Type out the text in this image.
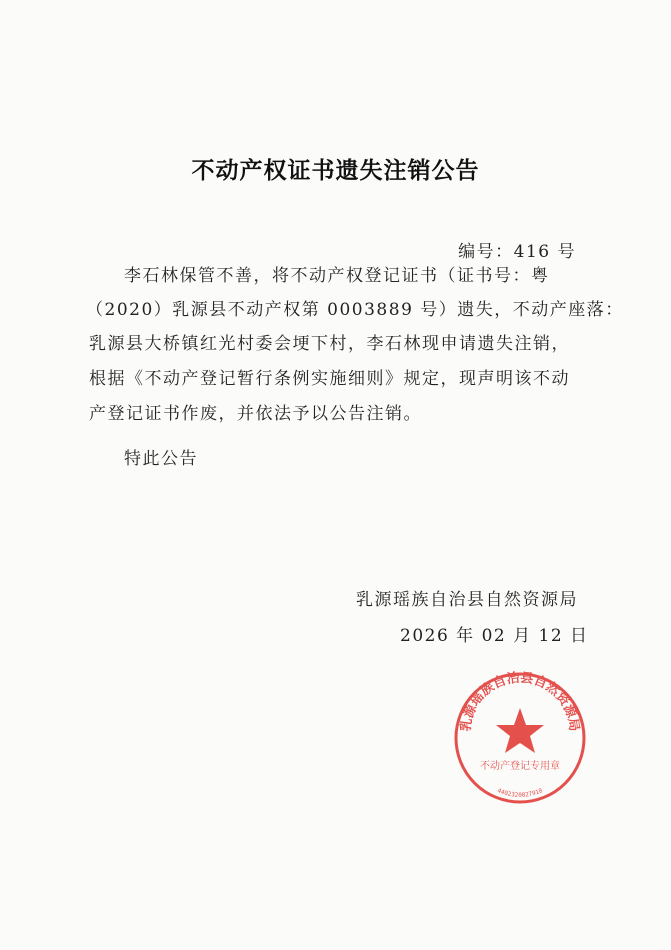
不动产权证书遗失注销公告
编号：416 号
李石林保管不善，将不动产权登记证书（证书号：粤
（2020）乳源县不动产权第 0003889 号）遗失，不动产座落：
乳源县大桥镇红光村委会埂下村，李石林现申请遗失注销，
根据《不动产登记暂行条例实施细则》规定，现声明该不动
产登记证书作废，并依法予以公告注销。
特此公告
乳源瑶族自治县自然资源局
2026 年 02 月 12 日
乳源瑶族自治县自然资源局
不动产登记专用章
4402320027918
